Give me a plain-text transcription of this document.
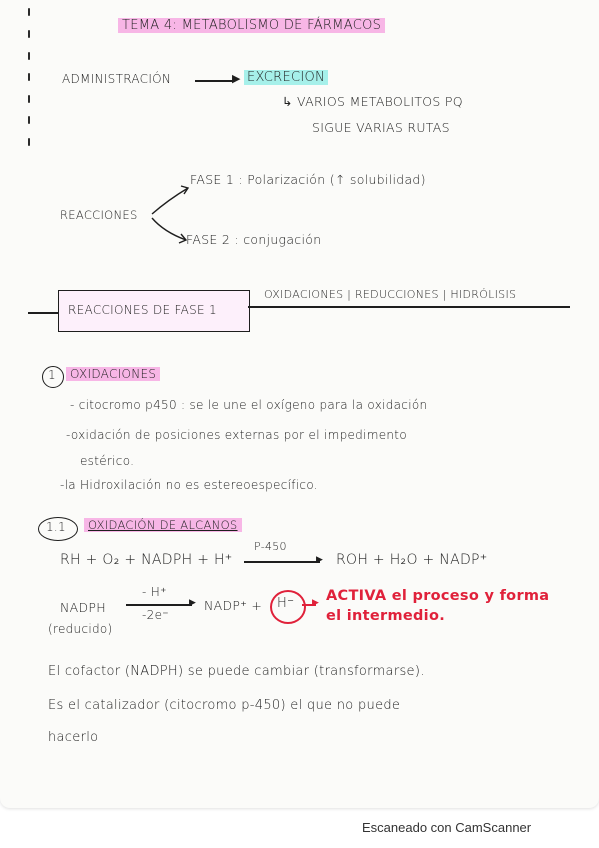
TEMA 4: METABOLISMO DE FÁRMACOS
ADMINISTRACIÓN	▶ EXCRECION
↳ VARIOS METABOLITOS PQ
SIGUE VARIAS RUTAS
REACCIONES
FASE 1 : Polarización (↑ solubilidad)
FASE 2 : conjugación
REACCIONES DE FASE 1
OXIDACIONES | REDUCCIONES | HIDRÓLISIS
1	OXIDACIONES
- citocromo p450 : se le une el oxígeno para la oxidación
-oxidación de posiciones externas por el impedimento
estérico.
-la Hidroxilación no es estereoespecífico.
1.1	OXIDACIÓN DE ALCANOS
RH + O₂ + NADPH + H⁺
P-450
▶ ROH + H₂O + NADP⁺
NADPH
- H⁺
▶
-2e⁻
NADP⁺ + H⁻ ▶ ACTIVA el proceso y forma
el intermedio.
(reducido)
El cofactor (NADPH) se puede cambiar (transformarse).
Es el catalizador (citocromo p-450) el que no puede
hacerlo
Escaneado con CamScanner
